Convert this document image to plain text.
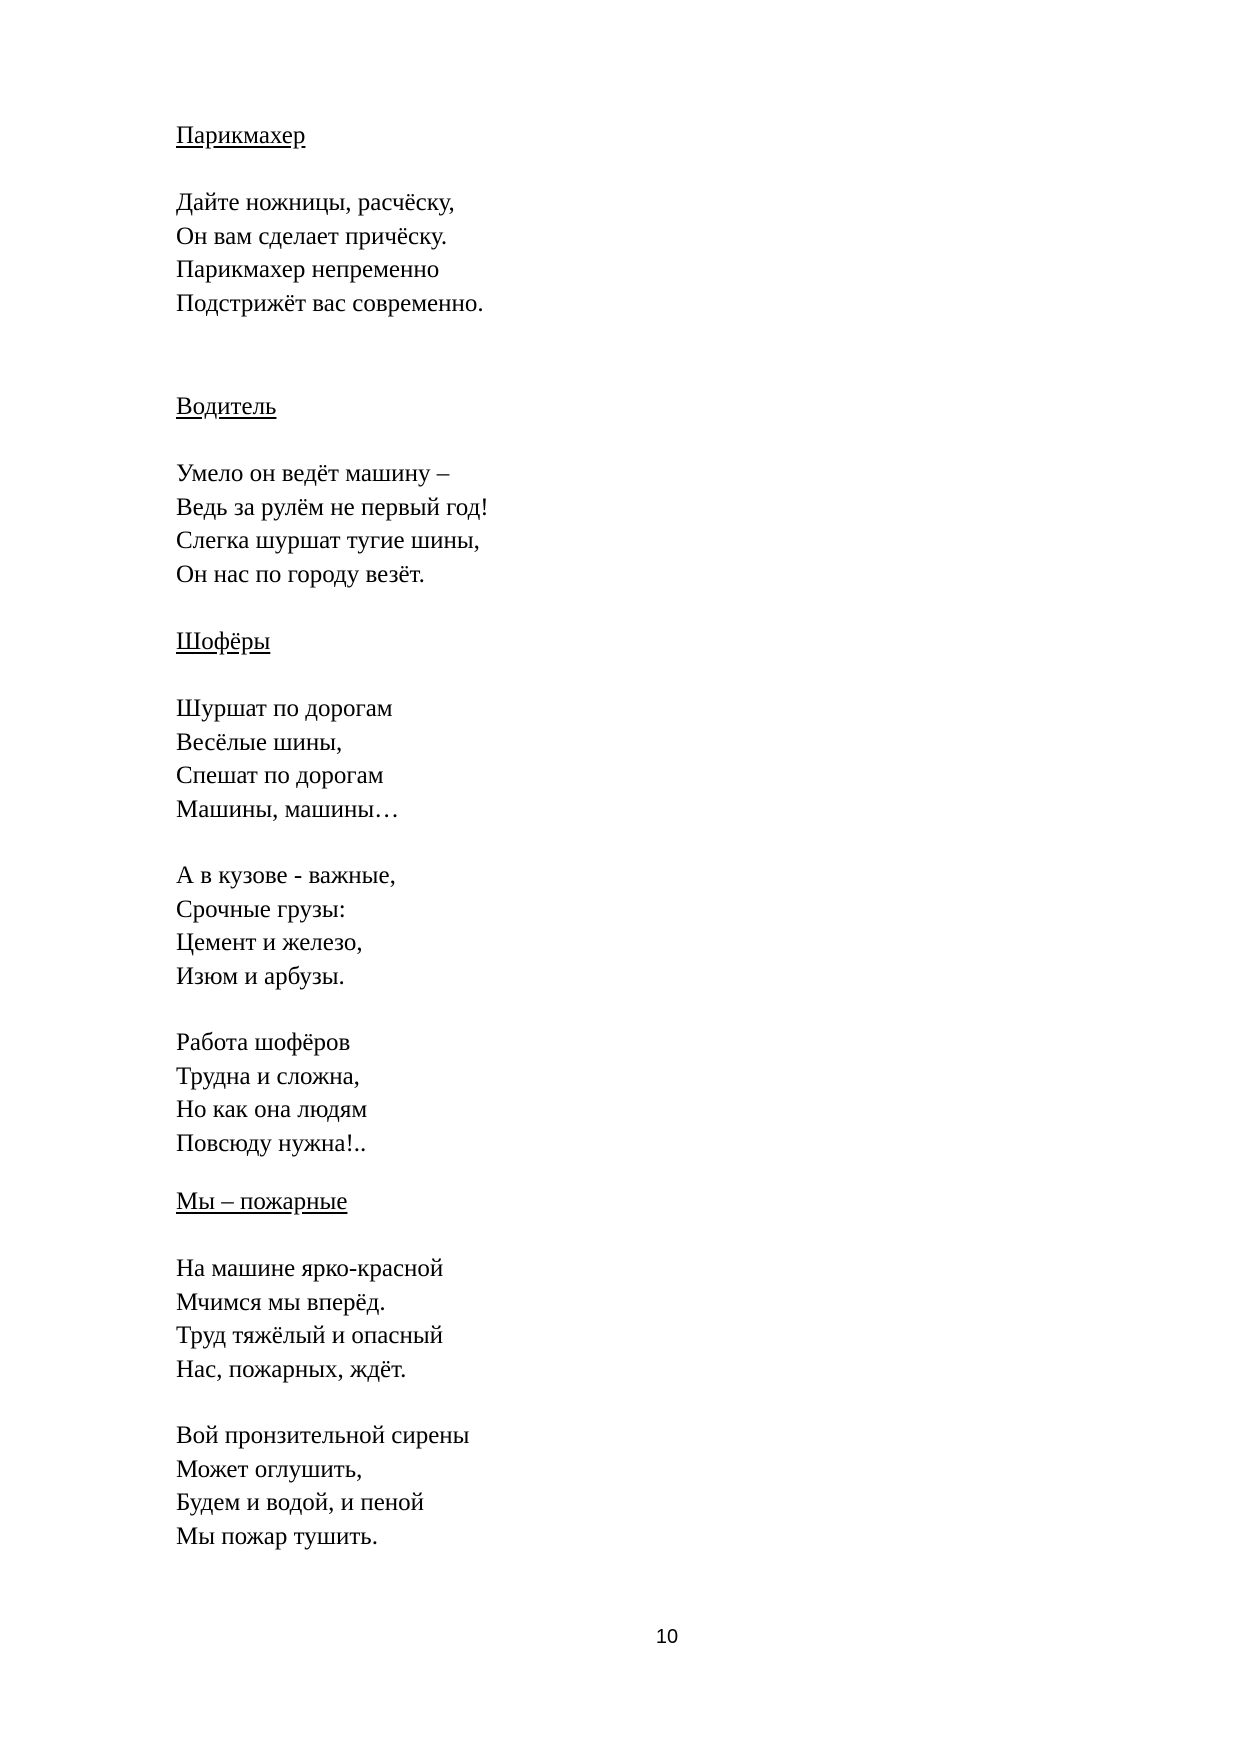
Парикмахер
Дайте ножницы, расчёску,
Он вам сделает причёску.
Парикмахер непременно
Подстрижёт вас современно.
Водитель
Умело он ведёт машину –
Ведь за рулём не первый год!
Слегка шуршат тугие шины,
Он нас по городу везёт.
Шофёры
Шуршат по дорогам
Весёлые шины,
Спешат по дорогам
Машины, машины…
А в кузове - важные,
Срочные грузы:
Цемент и железо,
Изюм и арбузы.
Работа шофёров
Трудна и сложна,
Но как она людям
Повсюду нужна!..
Мы – пожарные
На машине ярко-красной
Мчимся мы вперёд.
Труд тяжёлый и опасный
Нас, пожарных, ждёт.
Вой пронзительной сирены
Может оглушить,
Будем и водой, и пеной
Мы пожар тушить.
10
